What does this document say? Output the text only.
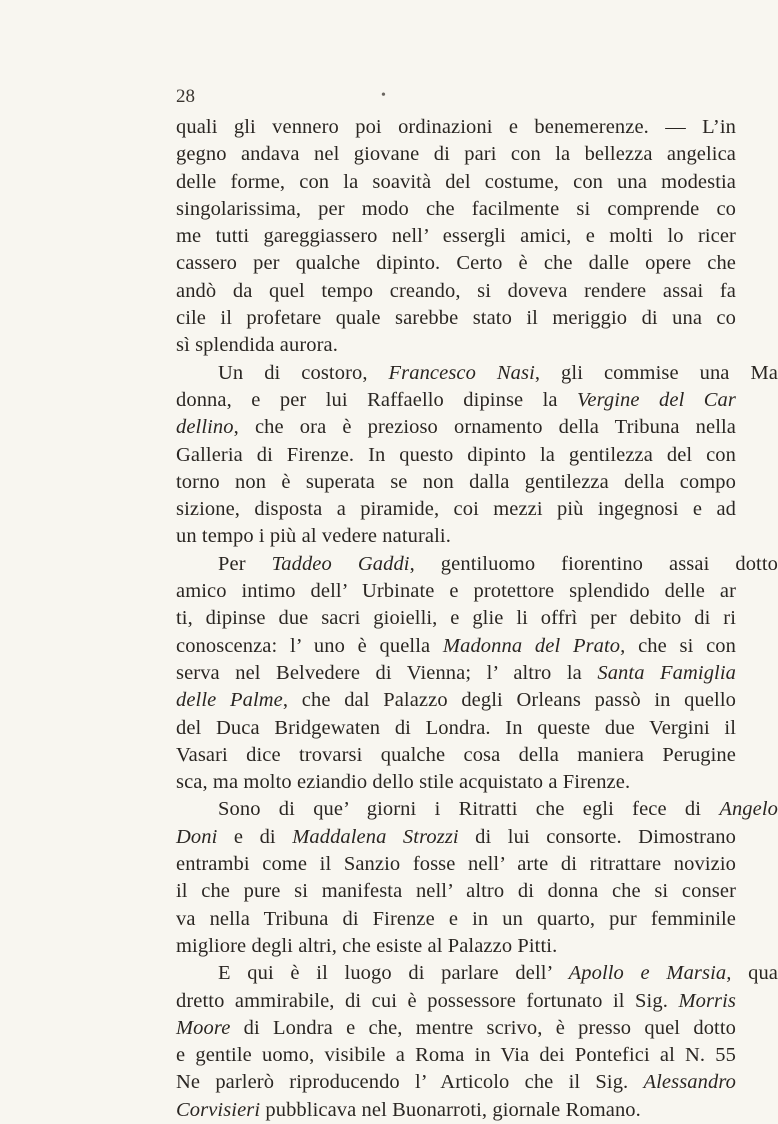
28	•
quali gli vennero poi ordinazioni e benemerenze. — L’in
gegno andava nel giovane di pari con la bellezza angelica
delle forme, con la soavità del costume, con una modestia
singolarissima, per modo che facilmente si comprende co
me tutti gareggiassero nell’ essergli amici, e molti lo ricer
cassero per qualche dipinto. Certo è che dalle opere che
andò da quel tempo creando, si doveva rendere assai fa
cile il profetare quale sarebbe stato il meriggio di una co
sì splendida aurora.
Un di costoro, Francesco Nasi, gli commise una Ma
donna, e per lui Raffaello dipinse la Vergine del Car
dellino, che ora è prezioso ornamento della Tribuna nella
Galleria di Firenze. In questo dipinto la gentilezza del con
torno non è superata se non dalla gentilezza della compo
sizione, disposta a piramide, coi mezzi più ingegnosi e ad
un tempo i più al vedere naturali.
Per Taddeo Gaddi, gentiluomo fiorentino assai dotto
amico intimo dell’ Urbinate e protettore splendido delle ar
ti, dipinse due sacri gioielli, e glie li offrì per debito di ri
conoscenza: l’ uno è quella Madonna del Prato, che si con
serva nel Belvedere di Vienna; l’ altro la Santa Famiglia
delle Palme, che dal Palazzo degli Orleans passò in quello
del Duca Bridgewaten di Londra. In queste due Vergini il
Vasari dice trovarsi qualche cosa della maniera Perugine
sca, ma molto eziandio dello stile acquistato a Firenze.
Sono di que’ giorni i Ritratti che egli fece di Angelo
Doni e di Maddalena Strozzi di lui consorte. Dimostrano
entrambi come il Sanzio fosse nell’ arte di ritrattare novizio
il che pure si manifesta nell’ altro di donna che si conser
va nella Tribuna di Firenze e in un quarto, pur femminile
migliore degli altri, che esiste al Palazzo Pitti.
E qui è il luogo di parlare dell’ Apollo e Marsia, qua
dretto ammirabile, di cui è possessore fortunato il Sig. Morris
Moore di Londra e che, mentre scrivo, è presso quel dotto
e gentile uomo, visibile a Roma in Via dei Pontefici al N. 55
Ne parlerò riproducendo l’ Articolo che il Sig. Alessandro
Corvisieri pubblicava nel Buonarroti, giornale Romano.
